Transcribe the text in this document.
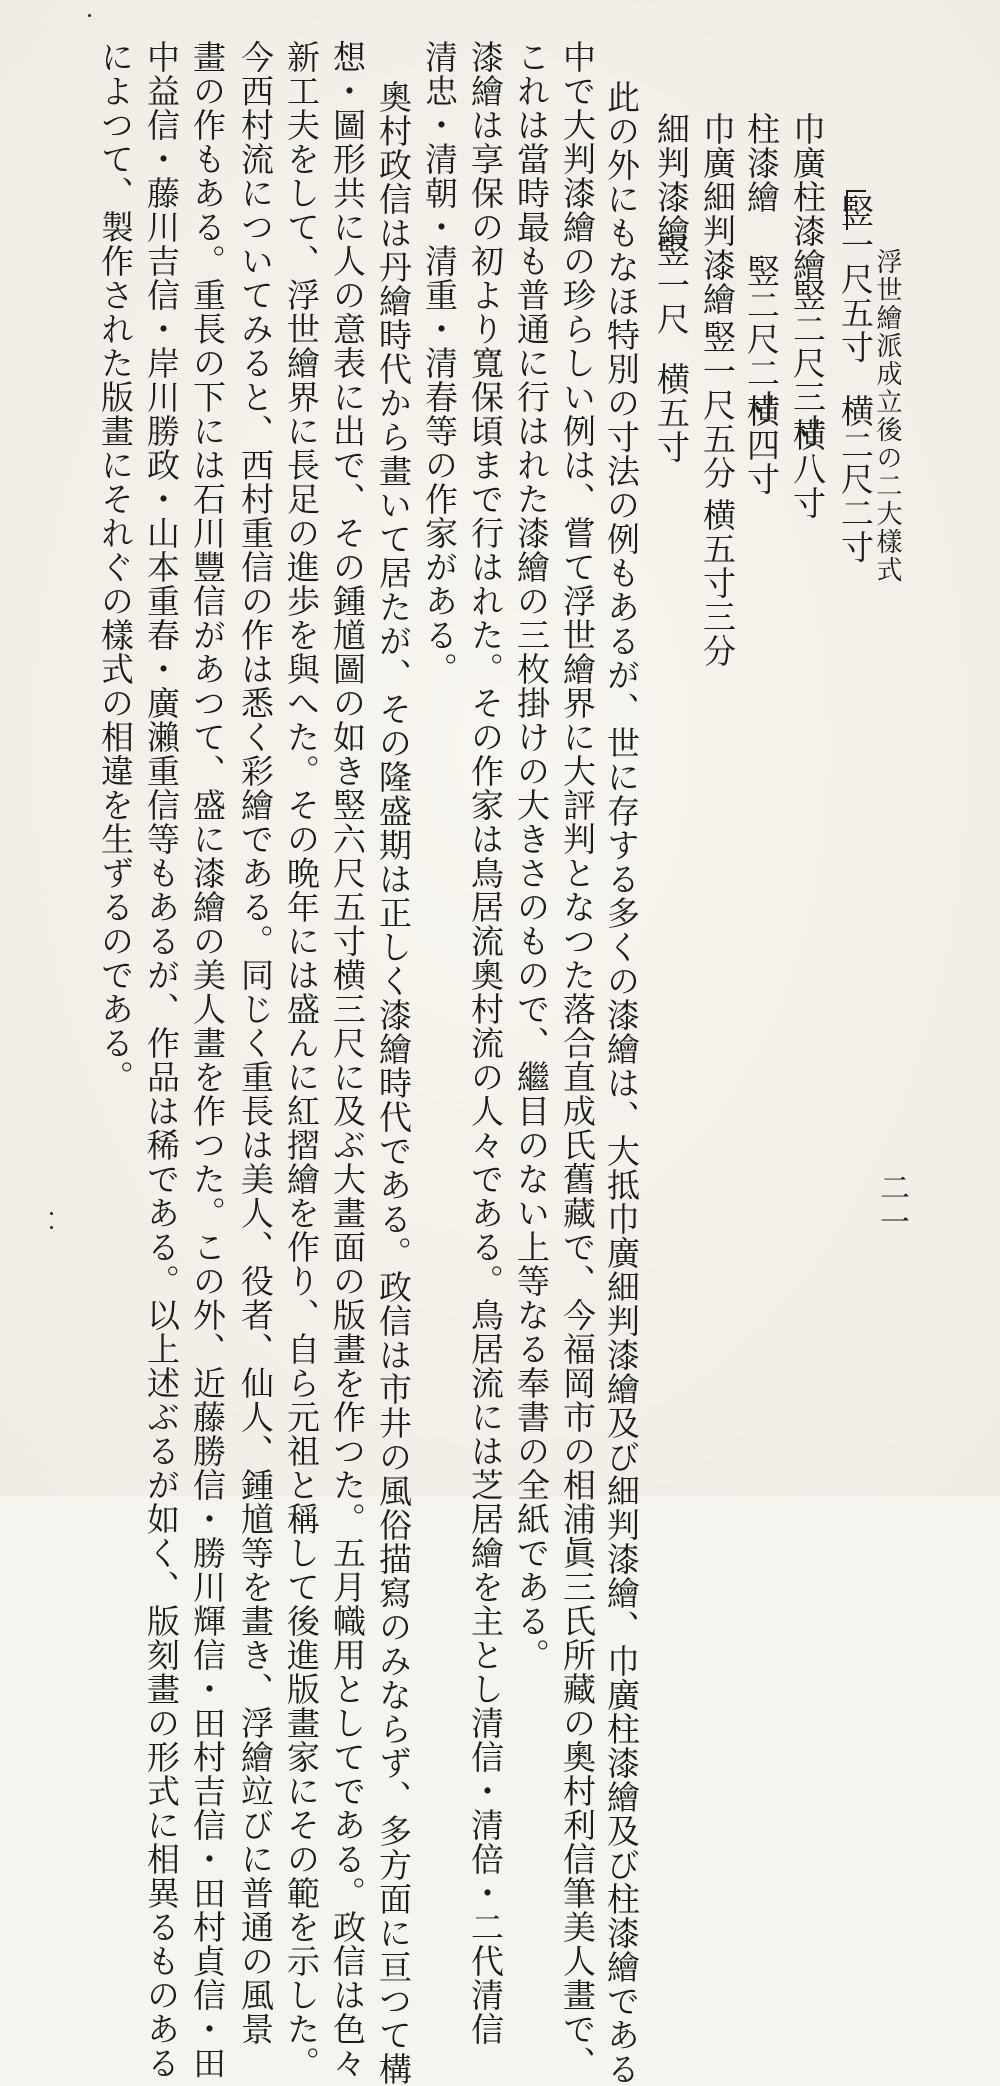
浮世繪派成立後の二大樣式
二一
竪一尺五寸
横二尺二寸
巾廣柱漆繪
竪二尺三寸
横八寸
柱漆繪
竪二尺二寸
横四寸
巾廣細判漆繪
竪一尺五分
横五寸三分
細判漆繪
竪一尺
横五寸
此の外にもなほ特別の寸法の例もあるが、世に存する多くの漆繪は、大抵巾廣細判漆繪及び細判漆繪、巾廣柱漆繪及び柱漆繪である
中で大判漆繪の珍らしい例は、嘗て浮世繪界に大評判となつた落合直成氏舊藏で、今福岡市の相浦眞三氏所藏の奧村利信筆美人畫で、
これは當時最も普通に行はれた漆繪の三枚掛けの大きさのもので、繼目のない上等なる奉書の全紙である。
漆繪は享保の初より寬保頃まで行はれた。その作家は鳥居流奧村流の人々である。鳥居流には芝居繪を主とし清信・清倍・二代清信
清忠・清朝・清重・清春等の作家がある。
奧村政信は丹繪時代から畫いて居たが、その隆盛期は正しく漆繪時代である。政信は市井の風俗描寫のみならず、多方面に亘つて構
想・圖形共に人の意表に出で、その鍾馗圖の如き竪六尺五寸横三尺に及ぶ大畫面の版畫を作つた。五月幟用としてである。政信は色々
新工夫をして、浮世繪界に長足の進歩を與へた。その晩年には盛んに紅摺繪を作り、自ら元祖と稱して後進版畫家にその範を示した。
今西村流についてみると、西村重信の作は悉く彩繪である。同じく重長は美人、役者、仙人、鍾馗等を畫き、浮繪竝びに普通の風景
畫の作もある。重長の下には石川豐信があつて、盛に漆繪の美人畫を作つた。この外、近藤勝信・勝川輝信・田村吉信・田村貞信・田
中益信・藤川吉信・岸川勝政・山本重春・廣瀨重信等もあるが、作品は稀である。以上述ぶるが如く、版刻畫の形式に相異るものある
によつて、製作された版畫にそれぐの樣式の相違を生ずるのである。
